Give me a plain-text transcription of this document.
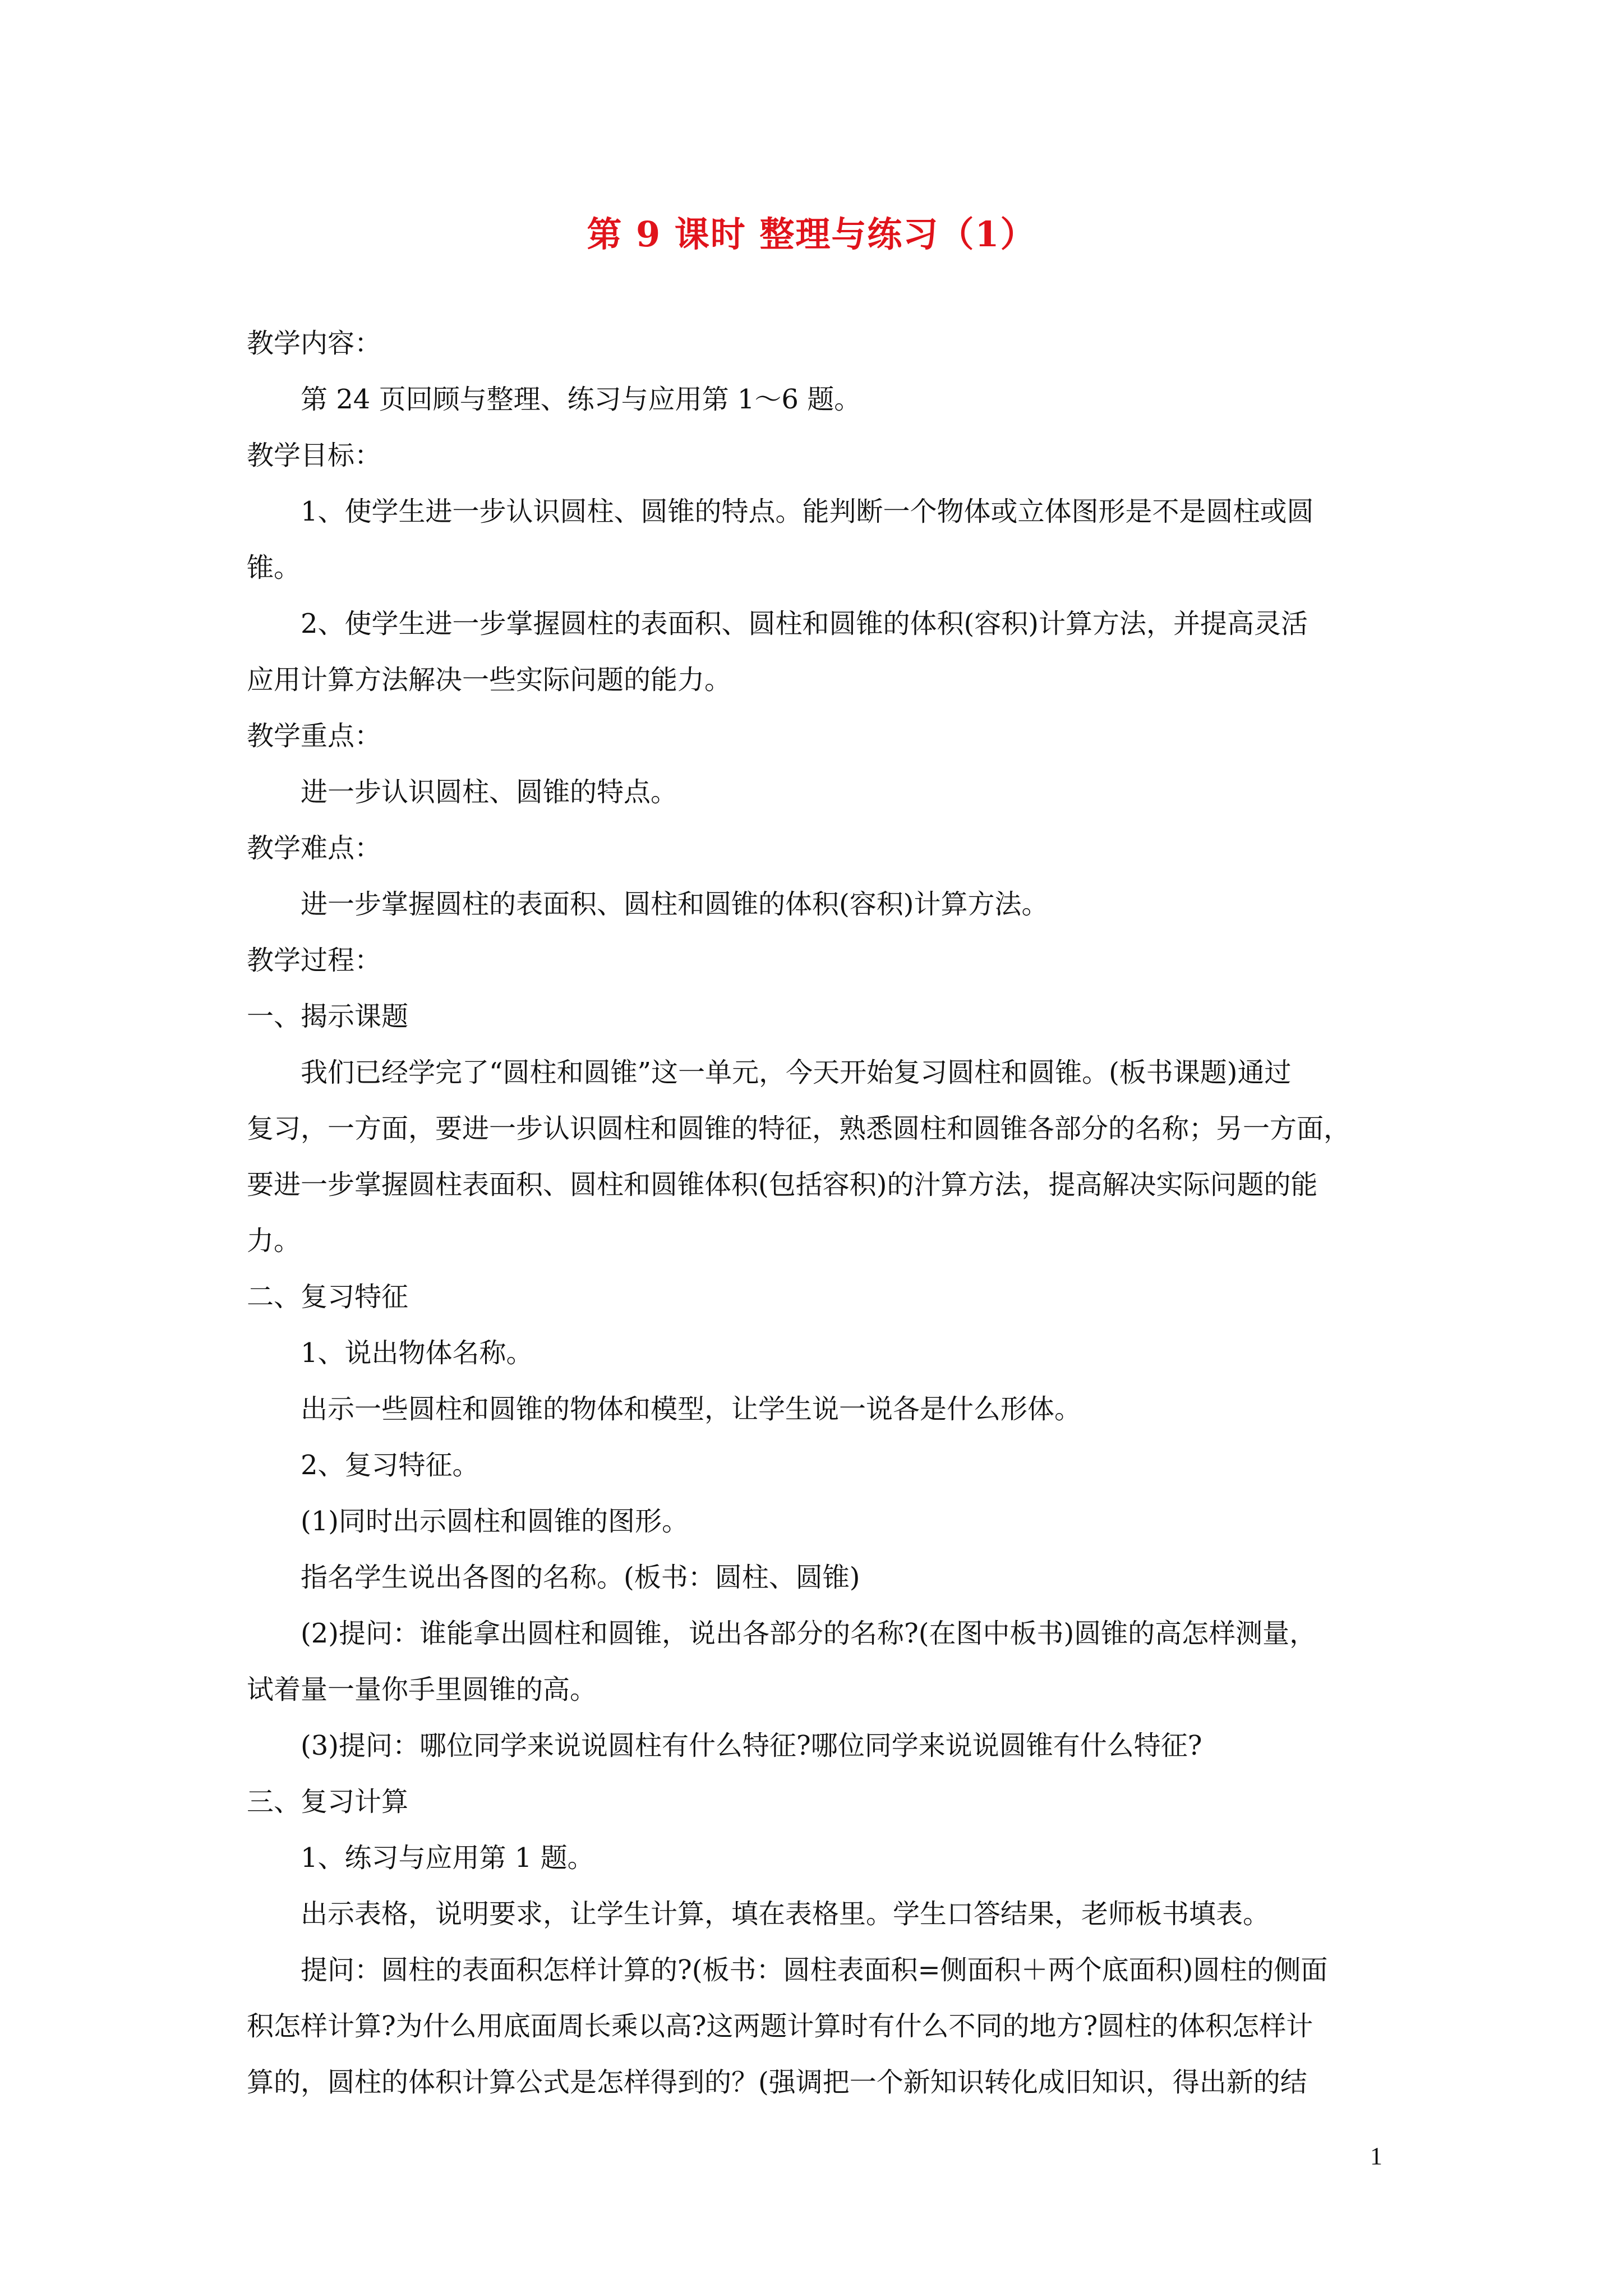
第 9 课时 整理与练习（1）
教学内容：
第 24 页回顾与整理、练习与应用第 1～6 题。
教学目标：
1、使学生进一步认识圆柱、圆锥的特点。能判断一个物体或立体图形是不是圆柱或圆
锥。
2、使学生进一步掌握圆柱的表面积、圆柱和圆锥的体积(容积)计算方法，并提高灵活
应用计算方法解决一些实际问题的能力。
教学重点：
进一步认识圆柱、圆锥的特点。
教学难点：
进一步掌握圆柱的表面积、圆柱和圆锥的体积(容积)计算方法。
教学过程：
一、揭示课题
我们已经学完了“圆柱和圆锥”这一单元，今天开始复习圆柱和圆锥。(板书课题)通过
复习，一方面，要进一步认识圆柱和圆锥的特征，熟悉圆柱和圆锥各部分的名称；另一方面，
要进一步掌握圆柱表面积、圆柱和圆锥体积(包括容积)的汁算方法，提高解决实际问题的能
力。
二、复习特征
1、说出物体名称。
出示一些圆柱和圆锥的物体和模型，让学生说一说各是什么形体。
2、复习特征。
(1)同时出示圆柱和圆锥的图形。
指名学生说出各图的名称。(板书：圆柱、圆锥)
(2)提问：谁能拿出圆柱和圆锥，说出各部分的名称?(在图中板书)圆锥的高怎样测量，
试着量一量你手里圆锥的高。
(3)提问：哪位同学来说说圆柱有什么特征?哪位同学来说说圆锥有什么特征?
三、复习计算
1、练习与应用第 1 题。
出示表格，说明要求，让学生计算，填在表格里。学生口答结果，老师板书填表。
提问：圆柱的表面积怎样计算的?(板书：圆柱表面积=侧面积＋两个底面积)圆柱的侧面
积怎样计算?为什么用底面周长乘以高?这两题计算时有什么不同的地方?圆柱的体积怎样计
算的，圆柱的体积计算公式是怎样得到的？(强调把一个新知识转化成旧知识，得出新的结
1
